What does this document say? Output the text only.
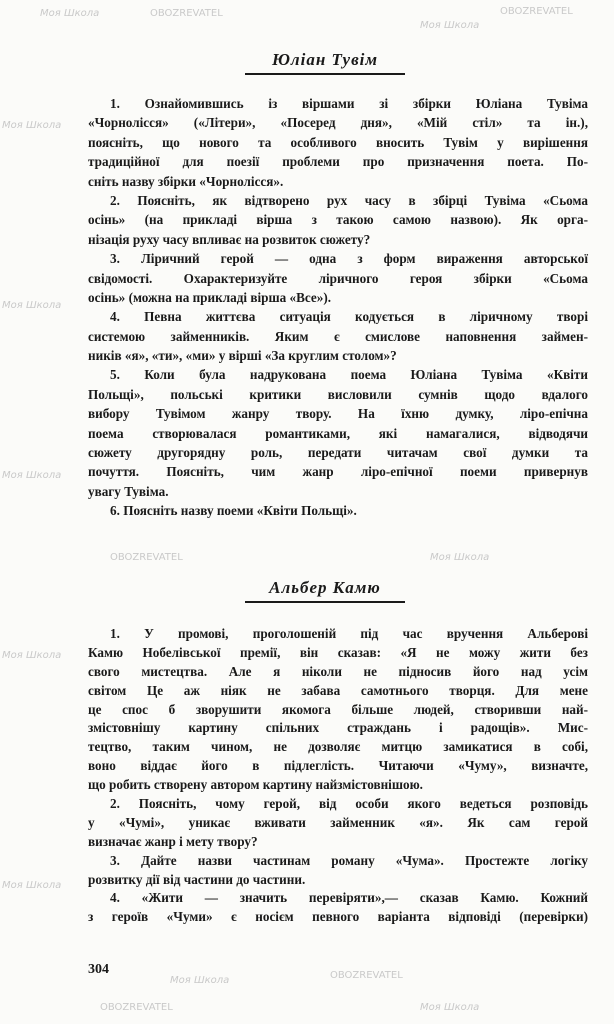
Моя Школа	OBOZREVATEL
Моя Школа
OBOZREVATEL
Моя Школа
Моя Школа
Моя Школа
OBOZREVATEL	Моя Школа
Моя Школа
Моя Школа
Моя Школа	OBOZREVATEL
OBOZREVATEL	Моя Школа
Юліан Тувім
1. Ознайомившись із віршами зі збірки Юліана Тувіма
«Чорнолісся» («Літери», «Посеред дня», «Мій стіл» та ін.),
поясніть, що нового та особливого вносить Тувім у вирішення
традиційної для поезії проблеми про призначення поета. По-
сніть назву збірки «Чорнолісся».
2. Поясніть, як відтворено рух часу в збірці Тувіма «Сьома
осінь» (на прикладі вірша з такою самою назвою). Як орга-
нізація руху часу впливає на розвиток сюжету?
3. Ліричний герой — одна з форм вираження авторської
свідомості. Охарактеризуйте ліричного героя збірки «Сьома
осінь» (можна на прикладі вірша «Все»).
4. Певна життєва ситуація кодується в ліричному творі
системою займенників. Яким є смислове наповнення займен-
ників «я», «ти», «ми» у вірші «За круглим столом»?
5. Коли була надрукована поема Юліана Тувіма «Квіти
Польщі», польські критики висловили сумнів щодо вдалого
вибору Тувімом жанру твору. На їхню думку, ліро-епічна
поема створювалася романтиками, які намагалися, відводячи
сюжету другорядну роль, передати читачам свої думки та
почуття. Поясніть, чим жанр ліро-епічної поеми привернув
увагу Тувіма.
6. Поясніть назву поеми «Квіти Польщі».
Альбер Камю
1. У промові, проголошеній під час вручення Альберові
Камю Нобелівської премії, він сказав: «Я не можу жити без
свого мистецтва. Але я ніколи не підносив його над усім
світом Це аж ніяк не забава самотнього творця. Для мене
це спос б зворушити якомога більше людей, створивши най-
змістовнішу картину спільних страждань і радощів». Мис-
тецтво, таким чином, не дозволяє митцю замикатися в собі,
воно віддає його в підлеглість. Читаючи «Чуму», визначте,
що робить створену автором картину найзмістовнішою.
2. Поясніть, чому герой, від особи якого ведеться розповідь
у «Чумі», уникає вживати займенник «я». Як сам герой
визначає жанр і мету твору?
3. Дайте назви частинам роману «Чума». Простежте логіку
розвитку дії від частини до частини.
4. «Жити — значить перевіряти»,— сказав Камю. Кожний
з героїв «Чуми» є носієм певного варіанта відповіді (перевірки)
304
